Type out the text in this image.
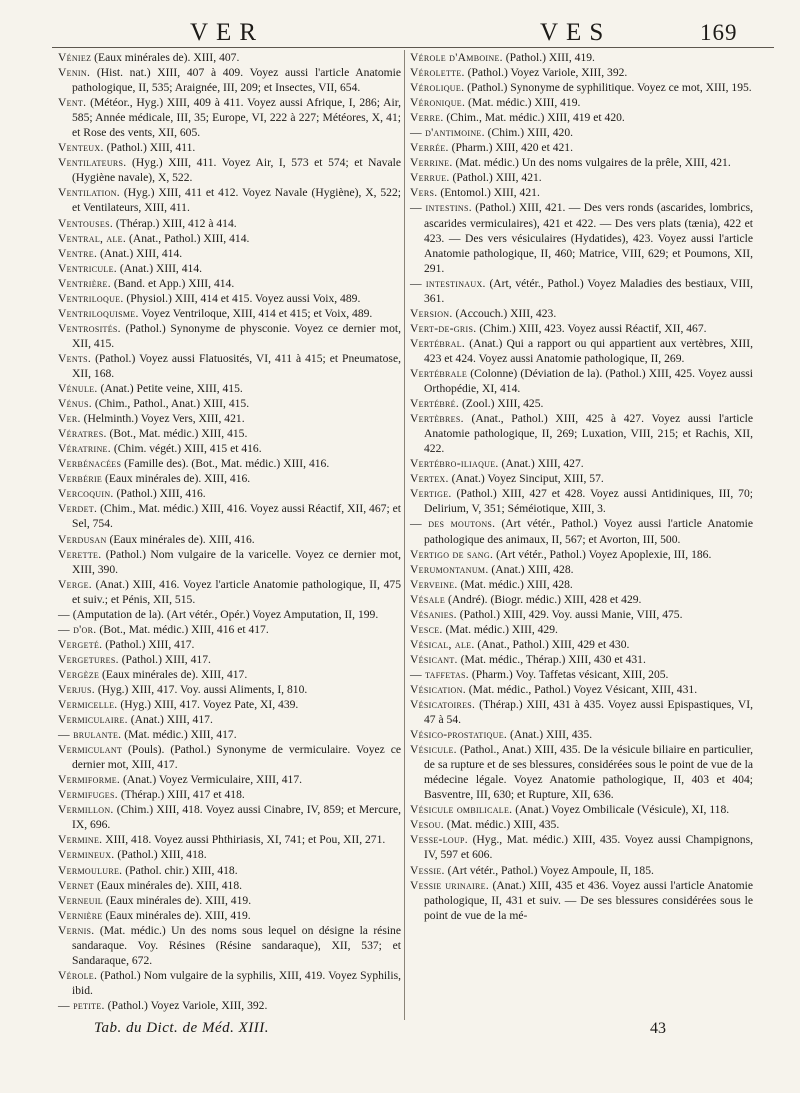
VER	VES	169

Véniez (Eaux minérales de). XIII, 407.

Venin. (Hist. nat.) XIII, 407 à 409. Voyez aussi l'article Anatomie pathologique, II, 535; Araignée, III, 209; et Insectes, VII, 654.

Vent. (Météor., Hyg.) XIII, 409 à 411. Voyez aussi Afrique, I, 286; Air, 585; Année médicale, III, 35; Europe, VI, 222 à 227; Météores, X, 41; et Rose des vents, XII, 605.

Venteux. (Pathol.) XIII, 411.

Ventilateurs. (Hyg.) XIII, 411. Voyez Air, I, 573 et 574; et Navale (Hygiène navale), X, 522.

Ventilation. (Hyg.) XIII, 411 et 412. Voyez Navale (Hygiène), X, 522; et Ventilateurs, XIII, 411.

Ventouses. (Thérap.) XIII, 412 à 414.

Ventral, ale. (Anat., Pathol.) XIII, 414.

Ventre. (Anat.) XIII, 414.

Ventricule. (Anat.) XIII, 414.

Ventrière. (Band. et App.) XIII, 414.

Ventriloque. (Physiol.) XIII, 414 et 415. Voyez aussi Voix, 489.

Ventriloquisme. Voyez Ventriloque, XIII, 414 et 415; et Voix, 489.

Ventrosités. (Pathol.) Synonyme de physconie. Voyez ce dernier mot, XII, 415.

Vents. (Pathol.) Voyez aussi Flatuosités, VI, 411 à 415; et Pneumatose, XII, 168.

Vénule. (Anat.) Petite veine, XIII, 415.

Vénus. (Chim., Pathol., Anat.) XIII, 415.

Ver. (Helminth.) Voyez Vers, XIII, 421.

Vératres. (Bot., Mat. médic.) XIII, 415.

Vératrine. (Chim. végét.) XIII, 415 et 416.

Verbénacées (Famille des). (Bot., Mat. médic.) XIII, 416.

Verbérie (Eaux minérales de). XIII, 416.

Vercoquin. (Pathol.) XIII, 416.

Verdet. (Chim., Mat. médic.) XIII, 416. Voyez aussi Réactif, XII, 467; et Sel, 754.

Verdusan (Eaux minérales de). XIII, 416.

Verette. (Pathol.) Nom vulgaire de la varicelle. Voyez ce dernier mot, XIII, 390.

Verge. (Anat.) XIII, 416. Voyez l'article Anatomie pathologique, II, 475 et suiv.; et Pénis, XII, 515.

— (Amputation de la). (Art vétér., Opér.) Voyez Amputation, II, 199.

— d'or. (Bot., Mat. médic.) XIII, 416 et 417.

Vergeté. (Pathol.) XIII, 417.

Vergetures. (Pathol.) XIII, 417.

Vergèze (Eaux minérales de). XIII, 417.

Verjus. (Hyg.) XIII, 417. Voy. aussi Aliments, I, 810.

Vermicelle. (Hyg.) XIII, 417. Voyez Pate, XI, 439.

Vermiculaire. (Anat.) XIII, 417.

— brulante. (Mat. médic.) XIII, 417.

Vermiculant (Pouls). (Pathol.) Synonyme de vermiculaire. Voyez ce dernier mot, XIII, 417.

Vermiforme. (Anat.) Voyez Vermiculaire, XIII, 417.

Vermifuges. (Thérap.) XIII, 417 et 418.

Vermillon. (Chim.) XIII, 418. Voyez aussi Cinabre, IV, 859; et Mercure, IX, 696.

Vermine. XIII, 418. Voyez aussi Phthiriasis, XI, 741; et Pou, XII, 271.

Vermineux. (Pathol.) XIII, 418.

Vermoulure. (Pathol. chir.) XIII, 418.

Vernet (Eaux minérales de). XIII, 418.

Verneuil (Eaux minérales de). XIII, 419.

Vernière (Eaux minérales de). XIII, 419.

Vernis. (Mat. médic.) Un des noms sous lequel on désigne la résine sandaraque. Voy. Résines (Résine sandaraque), XII, 537; et Sandaraque, 672.

Vérole. (Pathol.) Nom vulgaire de la syphilis, XIII, 419. Voyez Syphilis, ibid.

— petite. (Pathol.) Voyez Variole, XIII, 392.

Vérole d'Amboine. (Pathol.) XIII, 419.

Vérolette. (Pathol.) Voyez Variole, XIII, 392.

Vérolique. (Pathol.) Synonyme de syphilitique. Voyez ce mot, XIII, 195.

Véronique. (Mat. médic.) XIII, 419.

Verre. (Chim., Mat. médic.) XIII, 419 et 420.

— d'antimoine. (Chim.) XIII, 420.

Verrée. (Pharm.) XIII, 420 et 421.

Verrine. (Mat. médic.) Un des noms vulgaires de la prêle, XIII, 421.

Verrue. (Pathol.) XIII, 421.

Vers. (Entomol.) XIII, 421.

— intestins. (Pathol.) XIII, 421. — Des vers ronds (ascarides, lombrics, ascarides vermiculaires), 421 et 422. — Des vers plats (tænia), 422 et 423. — Des vers vésiculaires (Hydatides), 423. Voyez aussi l'article Anatomie pathologique, II, 460; Matrice, VIII, 629; et Poumons, XII, 291.

— intestinaux. (Art, vétér., Pathol.) Voyez Maladies des bestiaux, VIII, 361.

Version. (Accouch.) XIII, 423.

Vert-de-gris. (Chim.) XIII, 423. Voyez aussi Réactif, XII, 467.

Vertébral. (Anat.) Qui a rapport ou qui appartient aux vertèbres, XIII, 423 et 424. Voyez aussi Anatomie pathologique, II, 269.

Vertébrale (Colonne) (Déviation de la). (Pathol.) XIII, 425. Voyez aussi Orthopédie, XI, 414.

Vertébré. (Zool.) XIII, 425.

Vertèbres. (Anat., Pathol.) XIII, 425 à 427. Voyez aussi l'article Anatomie pathologique, II, 269; Luxation, VIII, 215; et Rachis, XII, 422.

Vertébro-iliaque. (Anat.) XIII, 427.

Vertex. (Anat.) Voyez Sinciput, XIII, 57.

Vertige. (Pathol.) XIII, 427 et 428. Voyez aussi Antidiniques, III, 70; Delirium, V, 351; Séméiotique, XIII, 3.

— des moutons. (Art vétér., Pathol.) Voyez aussi l'article Anatomie pathologique des animaux, II, 567; et Avorton, III, 500.

Vertigo de sang. (Art vétér., Pathol.) Voyez Apoplexie, III, 186.

Verumontanum. (Anat.) XIII, 428.

Verveine. (Mat. médic.) XIII, 428.

Vésale (André). (Biogr. médic.) XIII, 428 et 429.

Vésanies. (Pathol.) XIII, 429. Voy. aussi Manie, VIII, 475.

Vesce. (Mat. médic.) XIII, 429.

Vésical, ale. (Anat., Pathol.) XIII, 429 et 430.

Vésicant. (Mat. médic., Thérap.) XIII, 430 et 431.

— taffetas. (Pharm.) Voy. Taffetas vésicant, XIII, 205.

Vésication. (Mat. médic., Pathol.) Voyez Vésicant, XIII, 431.

Vésicatoires. (Thérap.) XIII, 431 à 435. Voyez aussi Epispastiques, VI, 47 à 54.

Vésico-prostatique. (Anat.) XIII, 435.

Vésicule. (Pathol., Anat.) XIII, 435. De la vésicule biliaire en particulier, de sa rupture et de ses blessures, considérées sous le point de vue de la médecine légale. Voyez Anatomie pathologique, II, 403 et 404; Basventre, III, 630; et Rupture, XII, 636.

Vésicule ombilicale. (Anat.) Voyez Ombilicale (Vésicule), XI, 118.

Vesou. (Mat. médic.) XIII, 435.

Vesse-loup. (Hyg., Mat. médic.) XIII, 435. Voyez aussi Champignons, IV, 597 et 606.

Vessie. (Art vétér., Pathol.) Voyez Ampoule, II, 185.

Vessie urinaire. (Anat.) XIII, 435 et 436. Voyez aussi l'article Anatomie pathologique, II, 431 et suiv. — De ses blessures considérées sous le point de vue de la mé-

Tab. du Dict. de Méd. XIII.	43
